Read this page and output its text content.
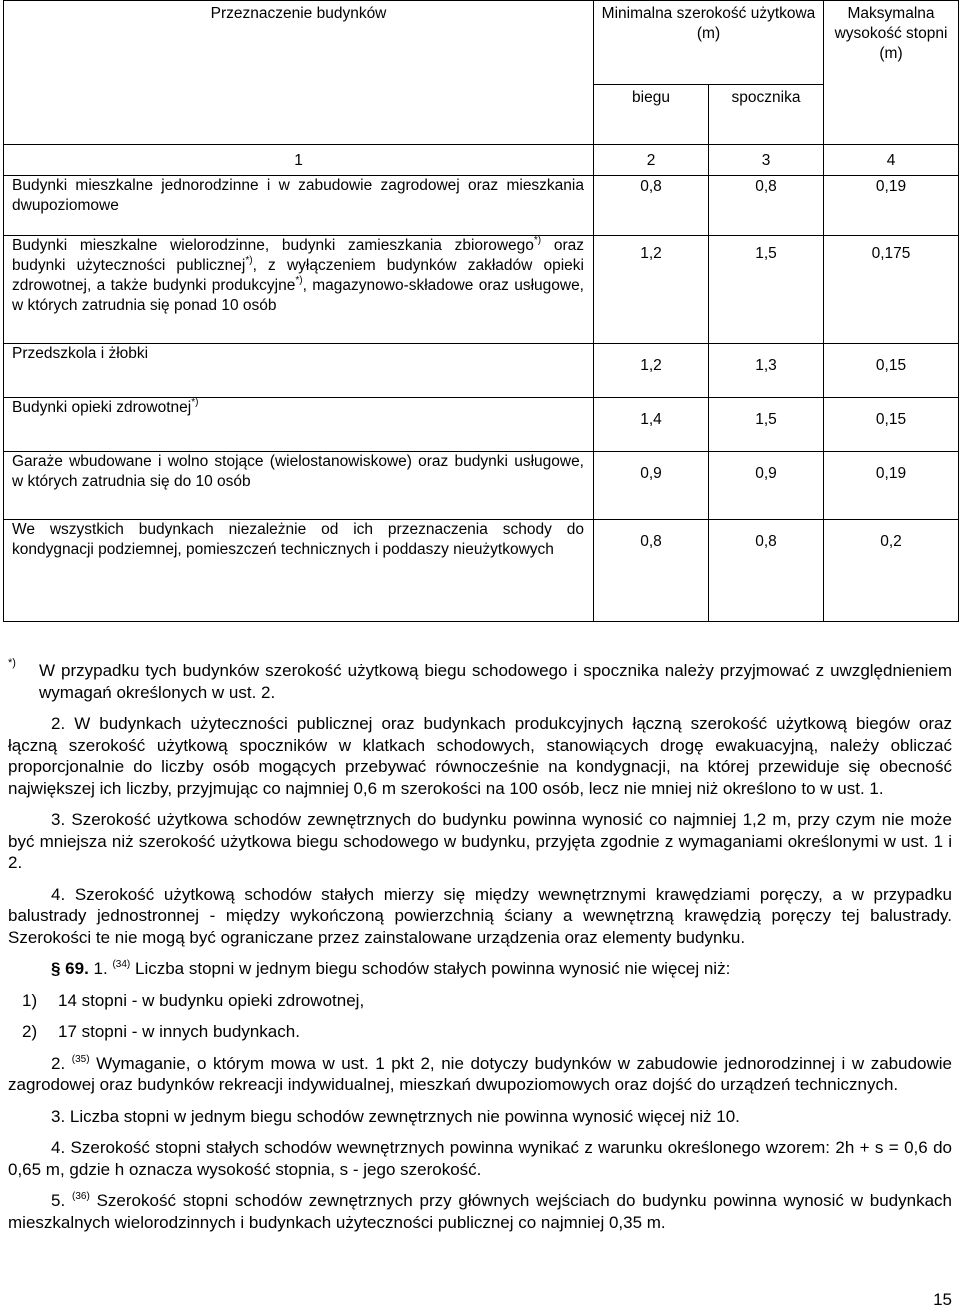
Przeznaczenie budynków	Minimalna szerokość użytkowa (m)		Maksymalna wysokość stopni (m)
	biegu	spocznika	
1	2	3	4
Budynki mieszkalne jednorodzinne i w zabudowie zagrodowej oraz mieszkania dwupoziomowe	0,8	0,8	0,19
Budynki mieszkalne wielorodzinne, budynki zamieszkania zbiorowego*) oraz budynki użyteczności publicznej*), z wyłączeniem budynków zakładów opieki zdrowotnej, a także budynki produkcyjne*), magazynowo-składowe oraz usługowe, w których zatrudnia się ponad 10 osób	1,2	1,5	0,175
Przedszkola i żłobki	1,2	1,3	0,15
Budynki opieki zdrowotnej*)	1,4	1,5	0,15
Garaże wbudowane i wolno stojące (wielostanowiskowe) oraz budynki usługowe, w których zatrudnia się do 10 osób	0,9	0,9	0,19
We wszystkich budynkach niezależnie od ich przeznaczenia schody do kondygnacji podziemnej, pomieszczeń technicznych i poddaszy nieużytkowych	0,8	0,8	0,2

*) W przypadku tych budynków szerokość użytkową biegu schodowego i spocznika należy przyjmować z uwzględnieniem wymagań określonych w ust. 2.

2. W budynkach użyteczności publicznej oraz budynkach produkcyjnych łączną szerokość użytkową biegów oraz łączną szerokość użytkową spoczników w klatkach schodowych, stanowiących drogę ewakuacyjną, należy obliczać proporcjonalnie do liczby osób mogących przebywać równocześnie na kondygnacji, na której przewiduje się obecność największej ich liczby, przyjmując co najmniej 0,6 m szerokości na 100 osób, lecz nie mniej niż określono to w ust. 1.

3. Szerokość użytkowa schodów zewnętrznych do budynku powinna wynosić co najmniej 1,2 m, przy czym nie może być mniejsza niż szerokość użytkowa biegu schodowego w budynku, przyjęta zgodnie z wymaganiami określonymi w ust. 1 i 2.

4. Szerokość użytkową schodów stałych mierzy się między wewnętrznymi krawędziami poręczy, a w przypadku balustrady jednostronnej - między wykończoną powierzchnią ściany a wewnętrzną krawędzią poręczy tej balustrady. Szerokości te nie mogą być ograniczane przez zainstalowane urządzenia oraz elementy budynku.

§ 69. 1. $^{(34)}$ Liczba stopni w jednym biegu schodów stałych powinna wynosić nie więcej niż:

1)	14 stopni - w budynku opieki zdrowotnej,

2)	17 stopni - w innych budynkach.

2. $^{(35)}$ Wymaganie, o którym mowa w ust. 1 pkt 2, nie dotyczy budynków w zabudowie jednorodzinnej i w zabudowie zagrodowej oraz budynków rekreacji indywidualnej, mieszkań dwupoziomowych oraz dojść do urządzeń technicznych.

3. Liczba stopni w jednym biegu schodów zewnętrznych nie powinna wynosić więcej niż 10.

4. Szerokość stopni stałych schodów wewnętrznych powinna wynikać z warunku określonego wzorem: 2h + s = 0,6 do 0,65 m, gdzie h oznacza wysokość stopnia, s - jego szerokość.

5. $^{(36)}$ Szerokość stopni schodów zewnętrznych przy głównych wejściach do budynku powinna wynosić w budynkach mieszkalnych wielorodzinnych i budynkach użyteczności publicznej co najmniej 0,35 m.

15
